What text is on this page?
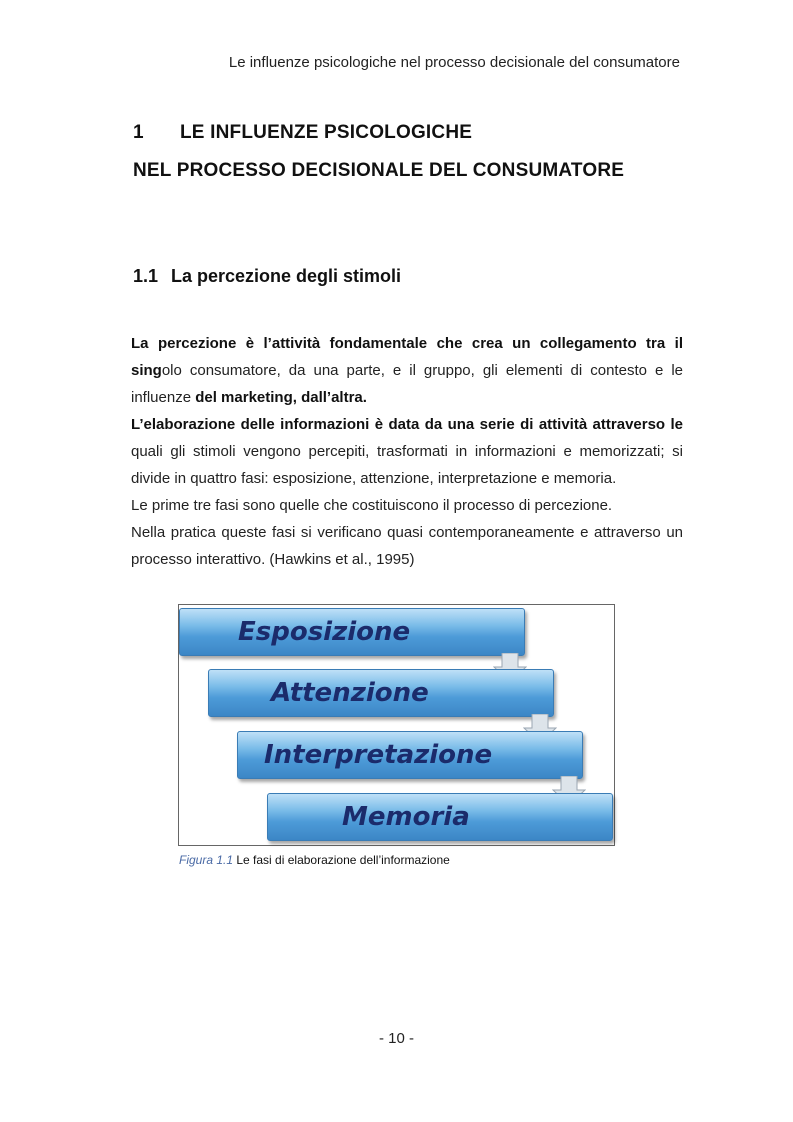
Le influenze psicologiche nel processo decisionale del consumatore
1 LE INFLUENZE PSICOLOGICHE
NEL PROCESSO DECISIONALE DEL CONSUMATORE
1.1 La percezione degli stimoli

La percezione è l’attività fondamentale che crea un collegamento tra il singolo consumatore, da una parte, e il gruppo, gli elementi di contesto e le influenze del marketing, dall’altra.

L’elaborazione delle informazioni è data da una serie di attività attraverso le quali gli stimoli vengono percepiti, trasformati in informazioni e memorizzati; si divide in quattro fasi: esposizione, attenzione, interpretazione e memoria.

Le prime tre fasi sono quelle che costituiscono il processo di percezione.

Nella pratica queste fasi si verificano quasi contemporaneamente e attraverso un processo interattivo. (Hawkins et al., 1995)

Esposizione
Attenzione
Interpretazione
Memoria
Figura 1.1 Le fasi di elaborazione dell’informazione
- 10 -
